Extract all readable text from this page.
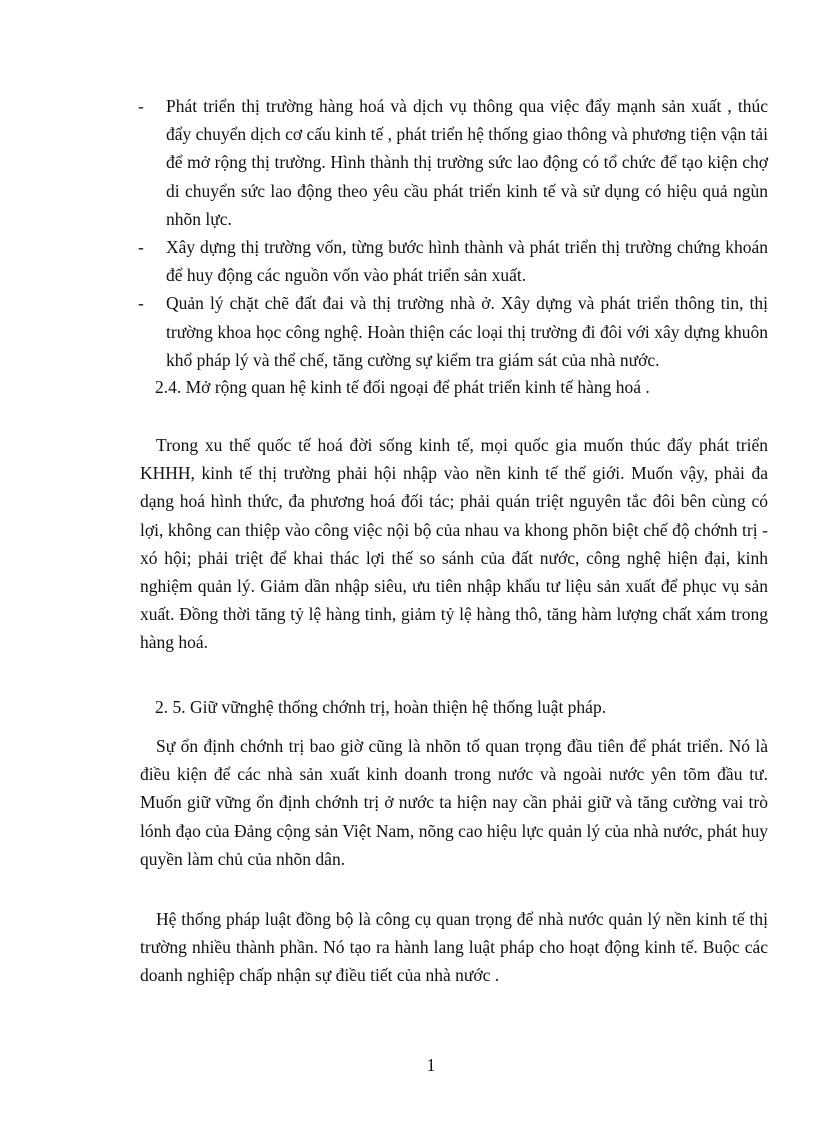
-	Phát triển thị trường hàng hoá và dịch vụ thông qua việc đẩy mạnh sản xuất , thúc đẩy chuyển dịch cơ cấu kinh tế , phát triển hệ thống giao thông và phương tiện vận tải để mở rộng thị trường. Hình thành thị trường sức lao động có tổ chức để tạo kiện chợ di chuyển sức lao động theo yêu cầu phát triển kinh tế và sử dụng có hiệu quả ngùn nhõn lực.
-	Xây dựng thị trường vốn, từng bước hình thành và phát triển thị trường chứng khoán để huy động các nguồn vốn vào phát triển sản xuất.
-	Quản lý chặt chẽ đất đai và thị trường nhà ở. Xây dựng và phát triển thông tin, thị trường khoa học công nghệ. Hoàn thiện các loại thị trường đi đôi với xây dựng khuôn khổ pháp lý và thể chế, tăng cường sự kiểm tra giám sát của nhà nước.
2.4. Mở rộng quan hệ kinh tế đối ngoại để phát triển kinh tế hàng hoá .

Trong xu thế quốc tế hoá đời sống kinh tế, mọi quốc gia muốn thúc đẩy phát triển KHHH, kinh tế thị trường phải hội nhập vào nền kinh tế thế giới. Muốn vậy, phải đa dạng hoá hình thức, đa phương hoá đối tác; phải quán triệt nguyên tắc đôi bên cùng có lợi, không can thiệp vào công việc nội bộ của nhau va khong phõn biệt chế độ chớnh trị - xó hội; phải triệt để khai thác lợi thế so sánh của đất nước, công nghệ hiện đại, kinh nghiệm quản lý. Giảm dần nhập siêu, ưu tiên nhập khẩu tư liệu sản xuất để phục vụ sản xuất. Đồng thời tăng tỷ lệ hàng tinh, giảm tỷ lệ hàng thô, tăng hàm lượng chất xám trong hàng hoá.

2. 5. Giữ vữnghệ thống chớnh trị, hoàn thiện hệ thống luật pháp.

Sự ổn định chớnh trị bao giờ cũng là nhõn tố quan trọng đầu tiên để phát triển. Nó là điều kiện để các nhà sản xuất kinh doanh trong nước và ngoài nước yên tõm đầu tư. Muốn giữ vững ổn định chớnh trị ở nước ta hiện nay cần phải giữ và tăng cường vai trò lónh đạo của Đảng cộng sản Việt Nam, nõng cao hiệu lực quản lý của nhà nước, phát huy quyền làm chủ của nhõn dân.

Hệ thống pháp luật đồng bộ là công cụ quan trọng để nhà nước quản lý nền kinh tế thị trường nhiều thành phần. Nó tạo ra hành lang luật pháp cho hoạt động kinh tế. Buộc các doanh nghiệp chấp nhận sự điều tiết của nhà nước .

1
